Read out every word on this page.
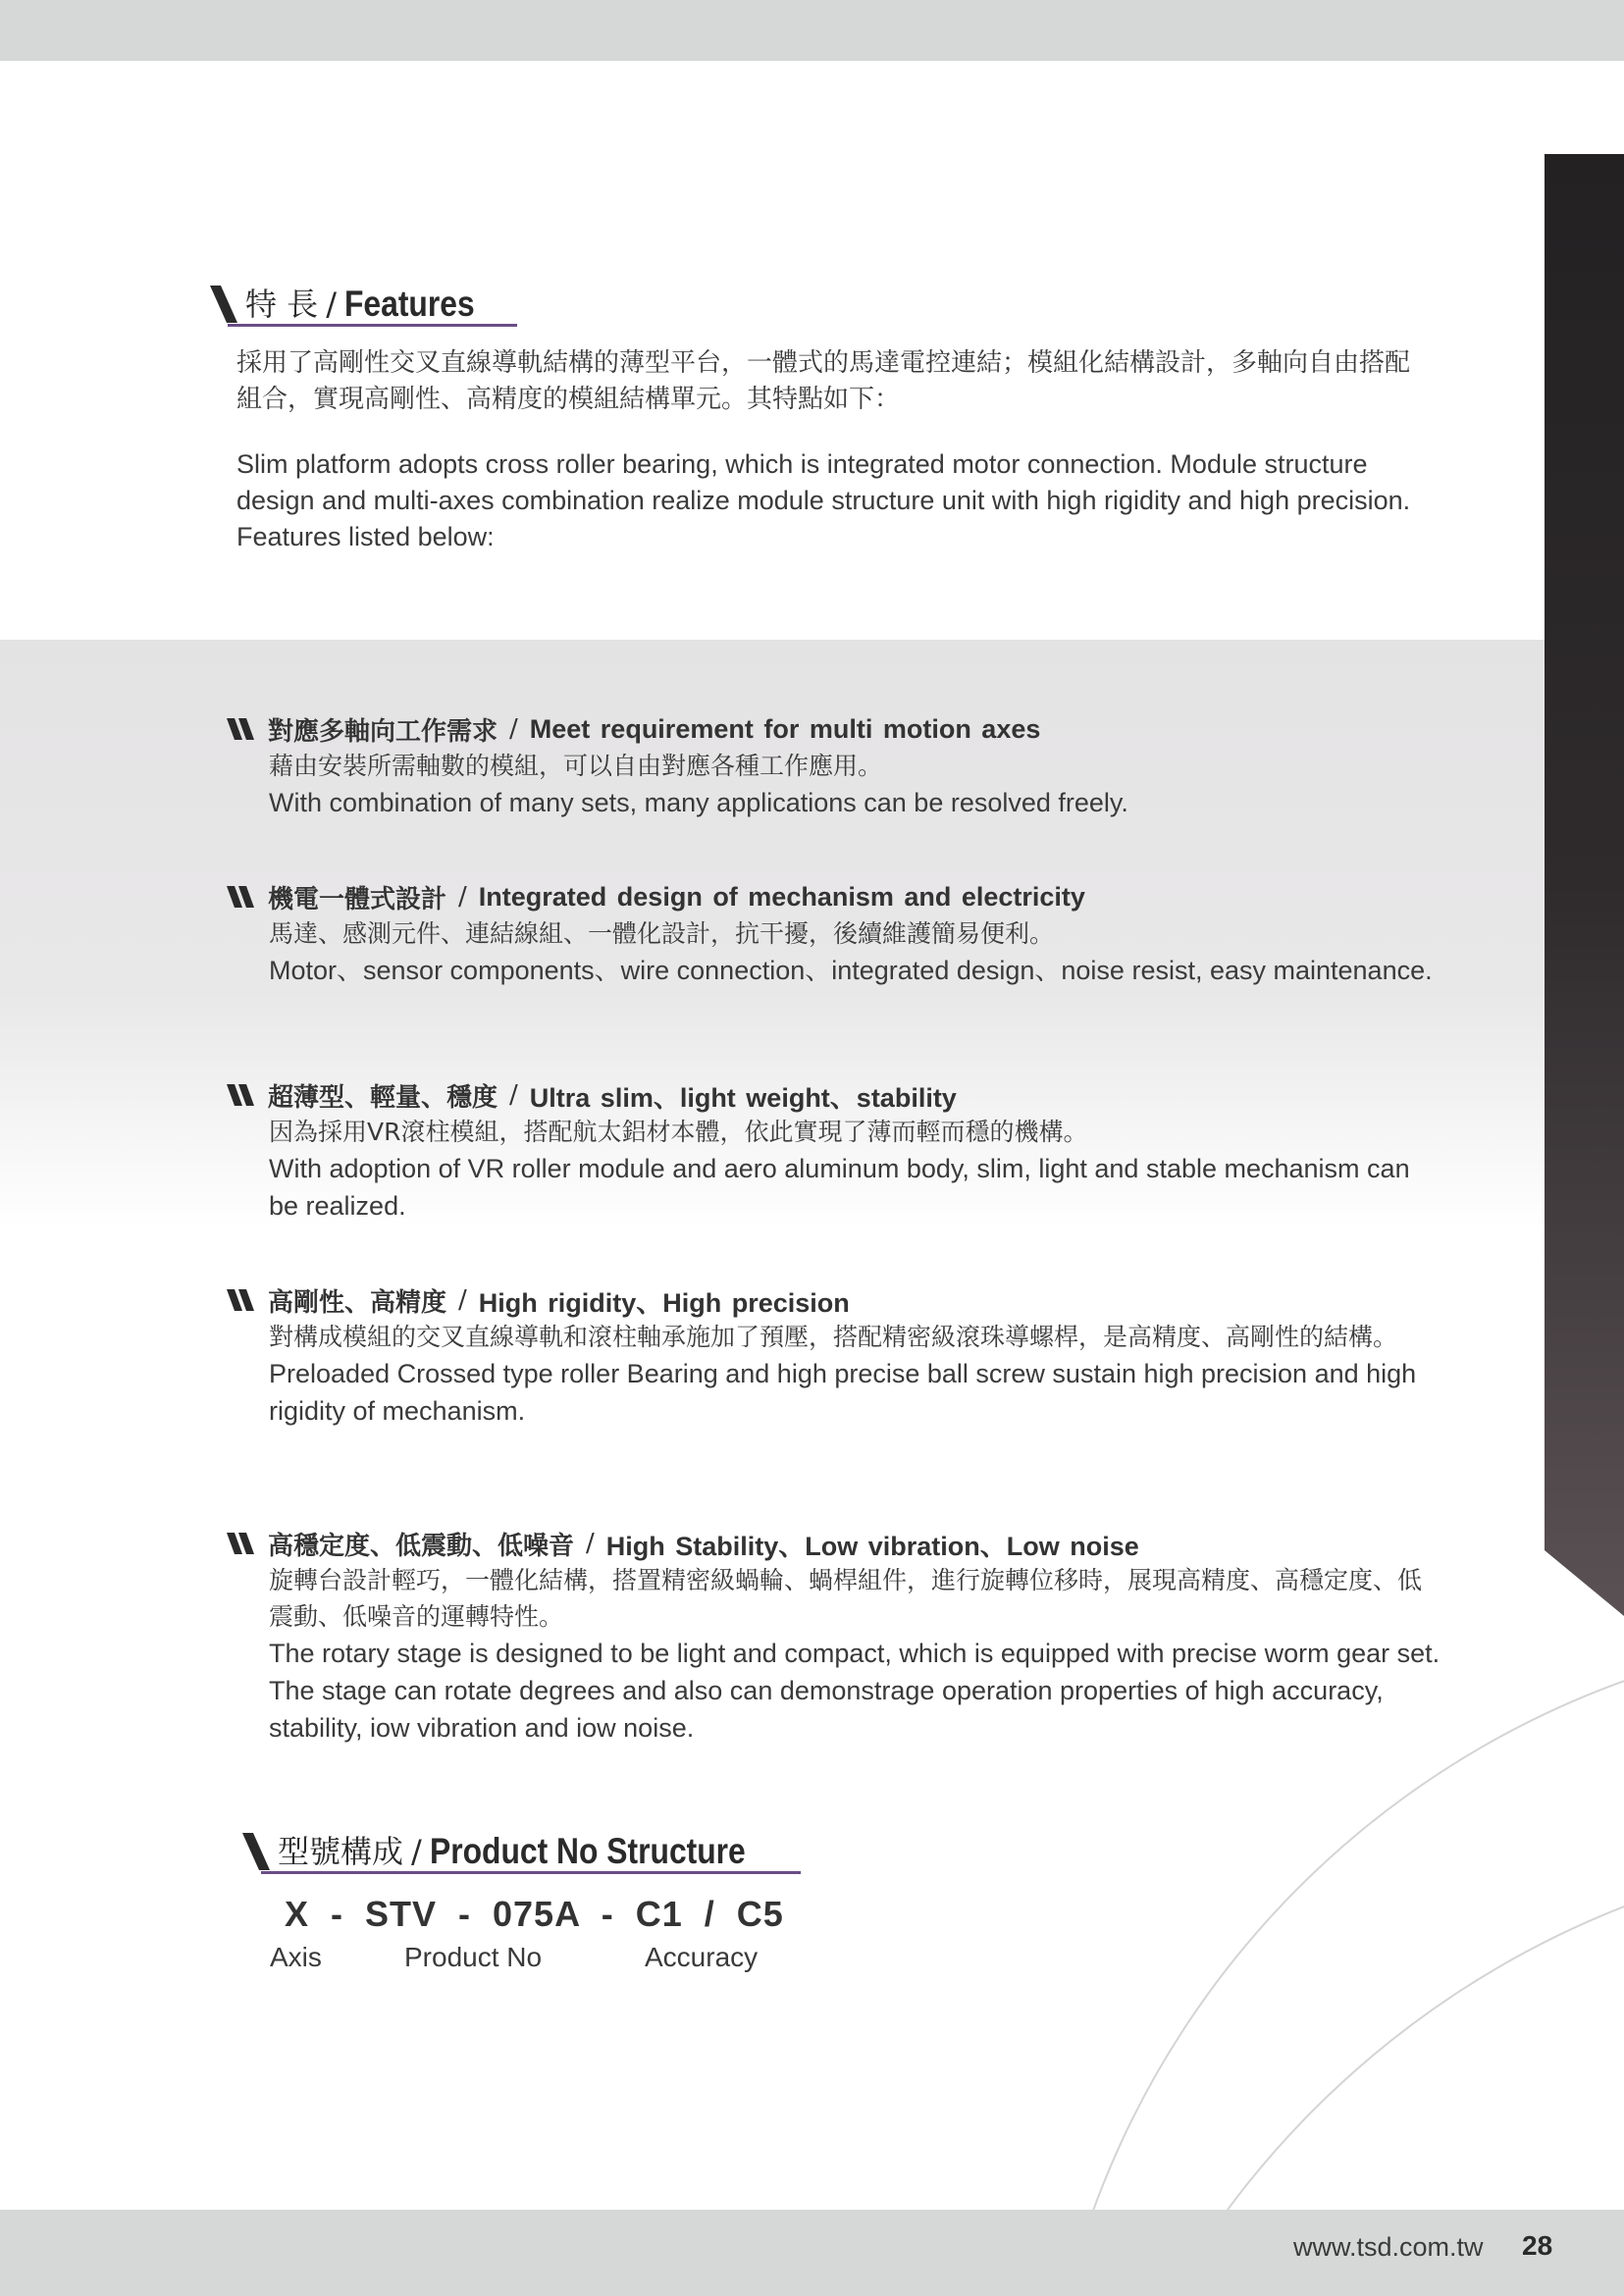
特 長 / Features
採用了高剛性交叉直線導軌結構的薄型平台，一體式的馬達電控連結；模組化結構設計，多軸向自由搭配組合，實現高剛性、高精度的模組結構單元。其特點如下：
Slim platform adopts cross roller bearing, which is integrated motor connection. Module structure design and multi-axes combination realize module structure unit with high rigidity and high precision. Features listed below:
對應多軸向工作需求 / Meet requirement for multi motion axes
藉由安裝所需軸數的模組，可以自由對應各種工作應用。
With combination of many sets, many applications can be resolved freely.
機電一體式設計 / Integrated design of mechanism and electricity
馬達、感測元件、連結線組、一體化設計，抗干擾，後續維護簡易便利。
Motor、sensor components、wire connection、integrated design、noise resist, easy maintenance.
超薄型、輕量、穩度 / Ultra slim、light weight、stability
因為採用VR滾柱模組，搭配航太鋁材本體，依此實現了薄而輕而穩的機構。
With adoption of VR roller module and aero aluminum body, slim, light and stable mechanism can be realized.
高剛性、高精度 / High rigidity、High precision
對構成模組的交叉直線導軌和滾柱軸承施加了預壓，搭配精密級滾珠導螺桿，是高精度、高剛性的結構。
Preloaded Crossed type roller Bearing and high precise ball screw sustain high precision and high rigidity of mechanism.
高穩定度、低震動、低噪音 / High Stability、Low vibration、Low noise
旋轉台設計輕巧，一體化結構，搭置精密級蝸輪、蝸桿組件，進行旋轉位移時，展現高精度、高穩定度、低震動、低噪音的運轉特性。
The rotary stage is designed to be light and compact, which is equipped with precise worm gear set. The stage can rotate degrees and also can demonstrage operation properties of high accuracy, stability, iow vibration and iow noise.
型號構成 / Product No Structure
X  -  STV  -  075A  -  C1  /  C5
Axis	Product No	Accuracy
www.tsd.com.tw 28
